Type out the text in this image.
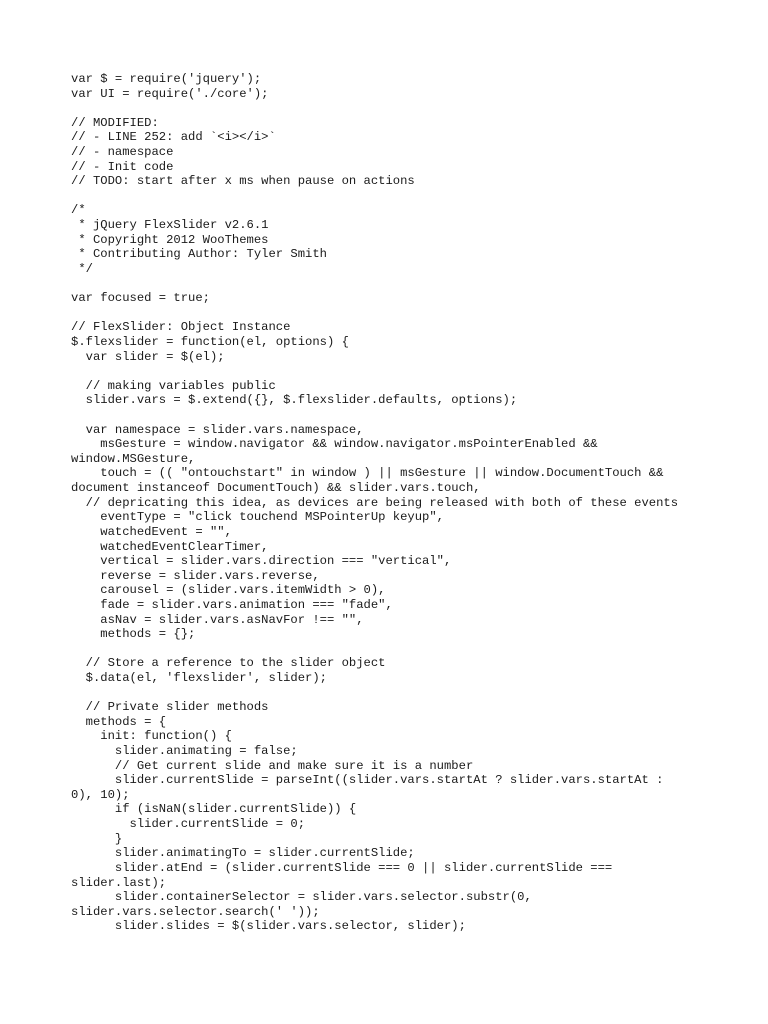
var $ = require('jquery');
var UI = require('./core');
// MODIFIED:
// - LINE 252: add `<i></i>`
// - namespace
// - Init code
// TODO: start after x ms when pause on actions
/*
* jQuery FlexSlider v2.6.1
* Copyright 2012 WooThemes
* Contributing Author: Tyler Smith
*/
var focused = true;
// FlexSlider: Object Instance
$.flexslider = function(el, options) {
var slider = $(el);
// making variables public
slider.vars = $.extend({}, $.flexslider.defaults, options);
var namespace = slider.vars.namespace,
msGesture = window.navigator && window.navigator.msPointerEnabled &&
window.MSGesture,
touch = (( "ontouchstart" in window ) || msGesture || window.DocumentTouch &&
document instanceof DocumentTouch) && slider.vars.touch,
// depricating this idea, as devices are being released with both of these events
eventType = "click touchend MSPointerUp keyup",
watchedEvent = "",
watchedEventClearTimer,
vertical = slider.vars.direction === "vertical",
reverse = slider.vars.reverse,
carousel = (slider.vars.itemWidth > 0),
fade = slider.vars.animation === "fade",
asNav = slider.vars.asNavFor !== "",
methods = {};
// Store a reference to the slider object
$.data(el, 'flexslider', slider);
// Private slider methods
methods = {
init: function() {
slider.animating = false;
// Get current slide and make sure it is a number
slider.currentSlide = parseInt((slider.vars.startAt ? slider.vars.startAt :
0), 10);
if (isNaN(slider.currentSlide)) {
slider.currentSlide = 0;
}
slider.animatingTo = slider.currentSlide;
slider.atEnd = (slider.currentSlide === 0 || slider.currentSlide ===
slider.last);
slider.containerSelector = slider.vars.selector.substr(0,
slider.vars.selector.search(' '));
slider.slides = $(slider.vars.selector, slider);
